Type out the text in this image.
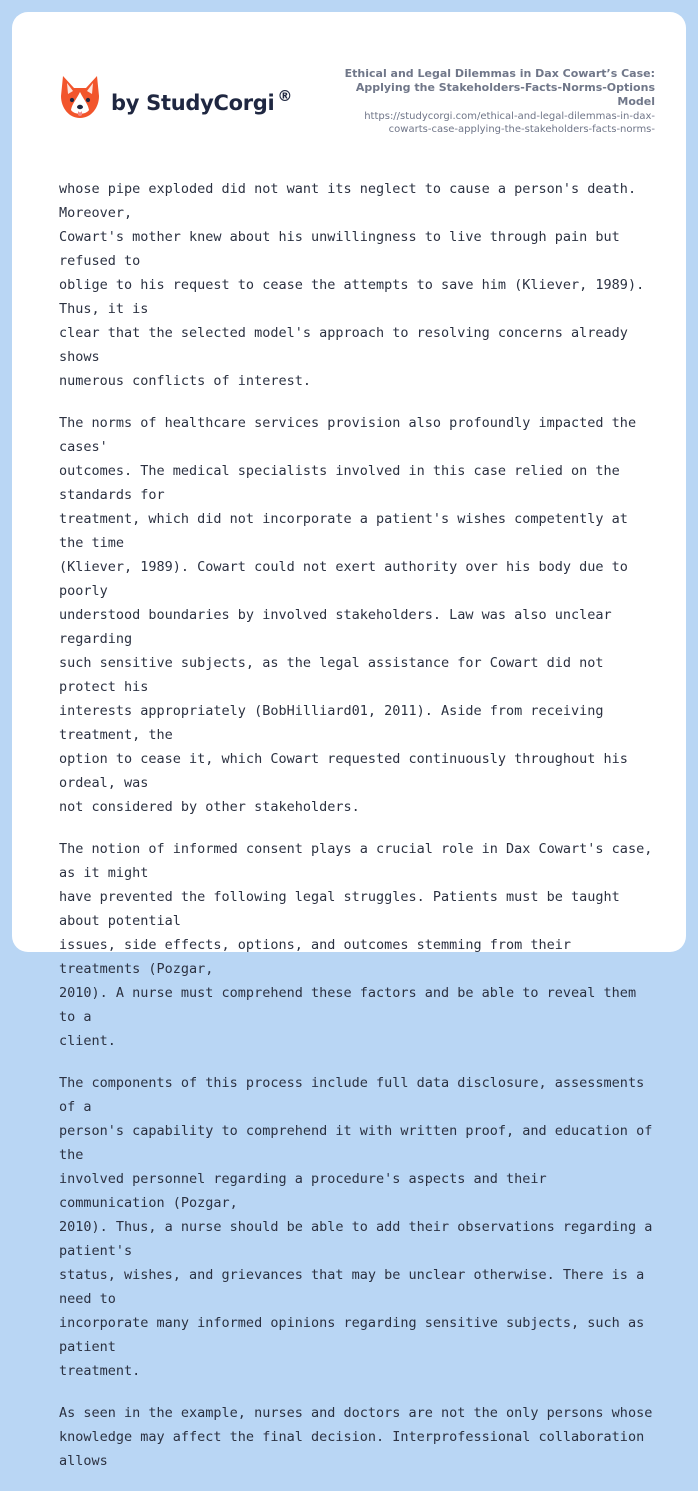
by StudyCorgi ®
Ethical and Legal Dilemmas in Dax Cowart’s Case:
Applying the Stakeholders-Facts-Norms-Options Model
https://studycorgi.com/ethical-and-legal-dilemmas-in-dax-
cowarts-case-applying-the-stakeholders-facts-norms-

whose pipe exploded did not want its neglect to cause a person's death. Moreover,
Cowart's mother knew about his unwillingness to live through pain but refused to
oblige to his request to cease the attempts to save him (Kliever, 1989). Thus, it is
clear that the selected model's approach to resolving concerns already shows
numerous conflicts of interest.

The norms of healthcare services provision also profoundly impacted the cases'
outcomes. The medical specialists involved in this case relied on the standards for
treatment, which did not incorporate a patient's wishes competently at the time
(Kliever, 1989). Cowart could not exert authority over his body due to poorly
understood boundaries by involved stakeholders. Law was also unclear regarding
such sensitive subjects, as the legal assistance for Cowart did not protect his
interests appropriately (BobHilliard01, 2011). Aside from receiving treatment, the
option to cease it, which Cowart requested continuously throughout his ordeal, was
not considered by other stakeholders.

The notion of informed consent plays a crucial role in Dax Cowart's case, as it might
have prevented the following legal struggles. Patients must be taught about potential
issues, side effects, options, and outcomes stemming from their treatments (Pozgar,
2010). A nurse must comprehend these factors and be able to reveal them to a
client.

The components of this process include full data disclosure, assessments of a
person's capability to comprehend it with written proof, and education of the
involved personnel regarding a procedure's aspects and their communication (Pozgar,
2010). Thus, a nurse should be able to add their observations regarding a patient's
status, wishes, and grievances that may be unclear otherwise. There is a need to
incorporate many informed opinions regarding sensitive subjects, such as patient
treatment.

As seen in the example, nurses and doctors are not the only persons whose
knowledge may affect the final decision. Interprofessional collaboration allows
